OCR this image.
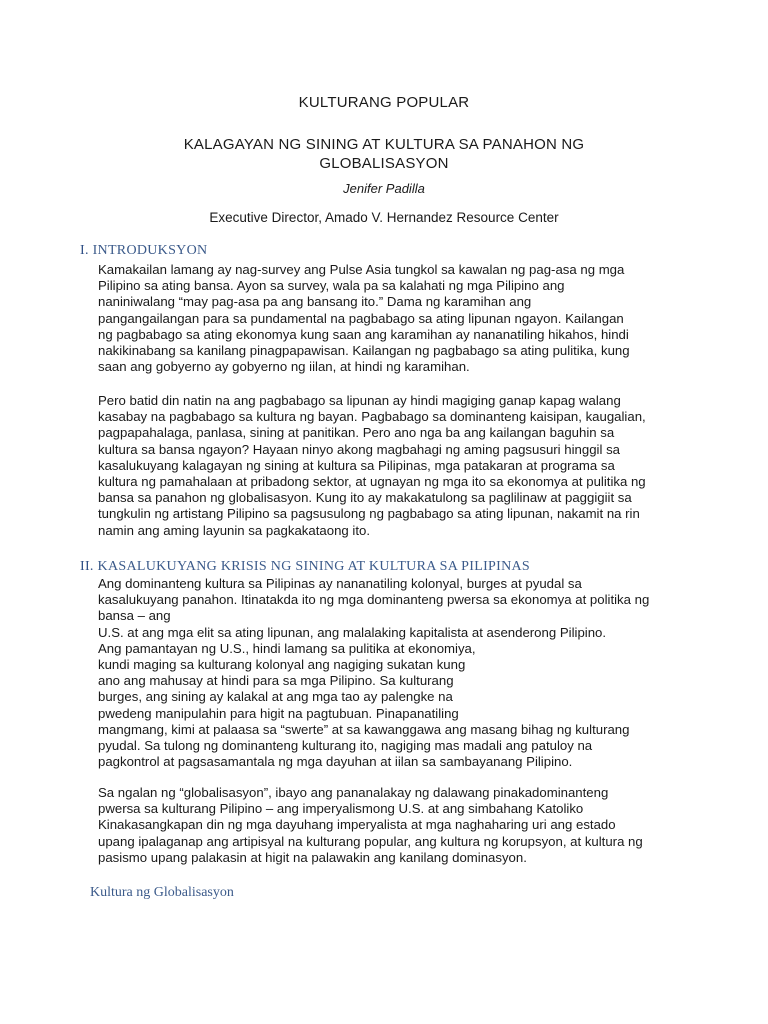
KULTURANG POPULAR
KALAGAYAN NG SINING AT KULTURA SA PANAHON NG
GLOBALISASYON
Jenifer Padilla
Executive Director, Amado V. Hernandez Resource Center
I. INTRODUKSYON
Kamakailan lamang ay nag-survey ang Pulse Asia tungkol sa kawalan ng pag-asa ng mga
Pilipino sa ating bansa. Ayon sa survey, wala pa sa kalahati ng mga Pilipino ang
naniniwalang “may pag-asa pa ang bansang ito.” Dama ng karamihan ang
pangangailangan para sa pundamental na pagbabago sa ating lipunan ngayon. Kailangan
ng pagbabago sa ating ekonomya kung saan ang karamihan ay nananatiling hikahos, hindi
nakikinabang sa kanilang pinagpapawisan. Kailangan ng pagbabago sa ating pulitika, kung
saan ang gobyerno ay gobyerno ng iilan, at hindi ng karamihan.
Pero batid din natin na ang pagbabago sa lipunan ay hindi magiging ganap kapag walang
kasabay na pagbabago sa kultura ng bayan. Pagbabago sa dominanteng kaisipan, kaugalian,
pagpapahalaga, panlasa, sining at panitikan. Pero ano nga ba ang kailangan baguhin sa
kultura sa bansa ngayon? Hayaan ninyo akong magbahagi ng aming pagsusuri hinggil sa
kasalukuyang kalagayan ng sining at kultura sa Pilipinas, mga patakaran at programa sa
kultura ng pamahalaan at pribadong sektor, at ugnayan ng mga ito sa ekonomya at pulitika ng
bansa sa panahon ng globalisasyon. Kung ito ay makakatulong sa paglilinaw at paggigiit sa
tungkulin ng artistang Pilipino sa pagsusulong ng pagbabago sa ating lipunan, nakamit na rin
namin ang aming layunin sa pagkakataong ito.
II. KASALUKUYANG KRISIS NG SINING AT KULTURA SA PILIPINAS
Ang dominanteng kultura sa Pilipinas ay nananatiling kolonyal, burges at pyudal sa
kasalukuyang panahon. Itinatakda ito ng mga dominanteng pwersa sa ekonomya at politika ng
bansa – ang
U.S. at ang mga elit sa ating lipunan, ang malalaking kapitalista at asenderong Pilipino.
Ang pamantayan ng U.S., hindi lamang sa pulitika at ekonomiya,
kundi maging sa kulturang kolonyal ang nagiging sukatan kung
ano ang mahusay at hindi para sa mga Pilipino. Sa kulturang
burges, ang sining ay kalakal at ang mga tao ay palengke na
pwedeng manipulahin para higit na pagtubuan. Pinapanatiling
mangmang, kimi at palaasa sa “swerte” at sa kawanggawa ang masang bihag ng kulturang
pyudal. Sa tulong ng dominanteng kulturang ito, nagiging mas madali ang patuloy na
pagkontrol at pagsasamantala ng mga dayuhan at iilan sa sambayanang Pilipino.
Sa ngalan ng “globalisasyon”, ibayo ang pananalakay ng dalawang pinakadominanteng
pwersa sa kulturang Pilipino – ang imperyalismong U.S. at ang simbahang Katoliko
Kinakasangkapan din ng mga dayuhang imperyalista at mga naghaharing uri ang estado
upang ipalaganap ang artipisyal na kulturang popular, ang kultura ng korupsyon, at kultura ng
pasismo upang palakasin at higit na palawakin ang kanilang dominasyon.
Kultura ng Globalisasyon
